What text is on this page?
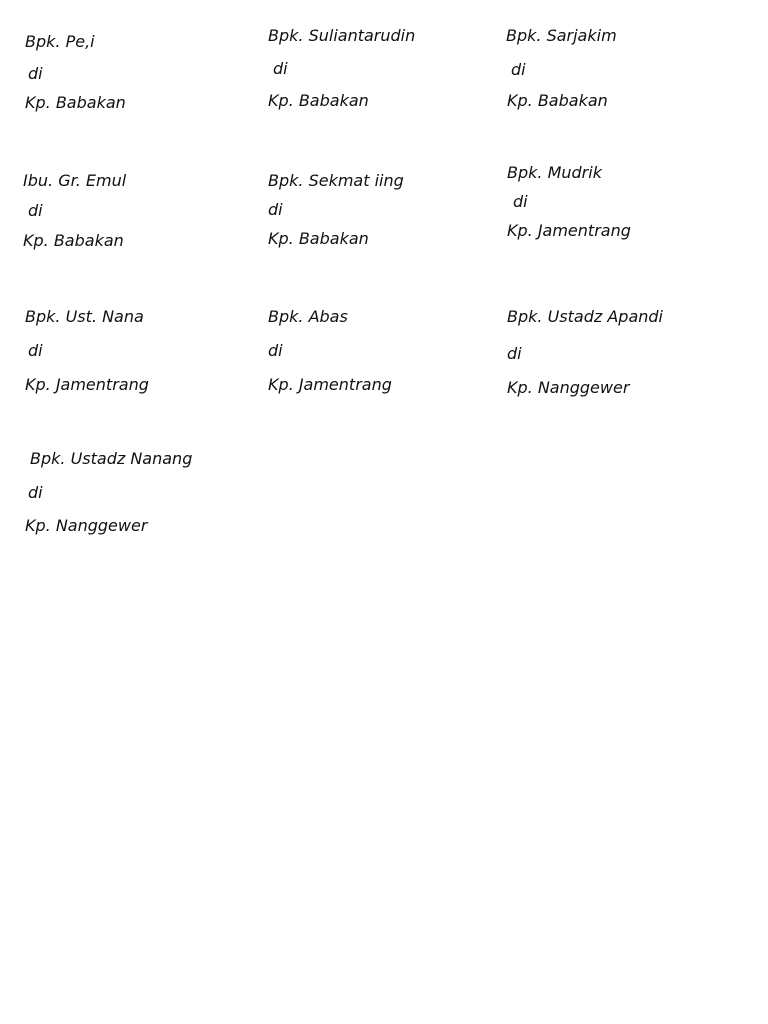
Bpk. Pe,i
di
Kp. Babakan
Bpk. Suliantarudin
di
Kp. Babakan
Bpk. Sarjakim
di
Kp. Babakan
Ibu. Gr. Emul
di
Kp. Babakan
Bpk. Sekmat iing
di
Kp. Babakan
Bpk. Mudrik
di
Kp. Jamentrang
Bpk. Ust. Nana
di
Kp. Jamentrang
Bpk. Abas
di
Kp. Jamentrang
Bpk. Ustadz Apandi
di
Kp. Nanggewer
Bpk. Ustadz Nanang
di
Kp. Nanggewer
